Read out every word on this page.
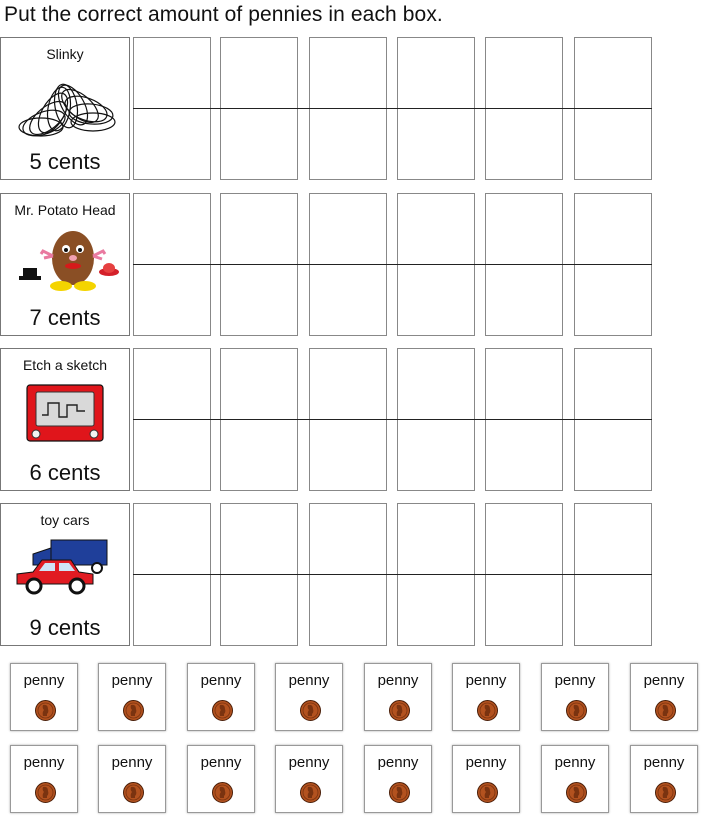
Put the correct amount of pennies in each box.
Slinky
5 cents
Mr. Potato Head
7 cents
Etch a sketch
6 cents
toy cars
9 cents
penny	penny	penny	penny	penny	penny	penny	penny
penny	penny	penny	penny	penny	penny	penny	penny
